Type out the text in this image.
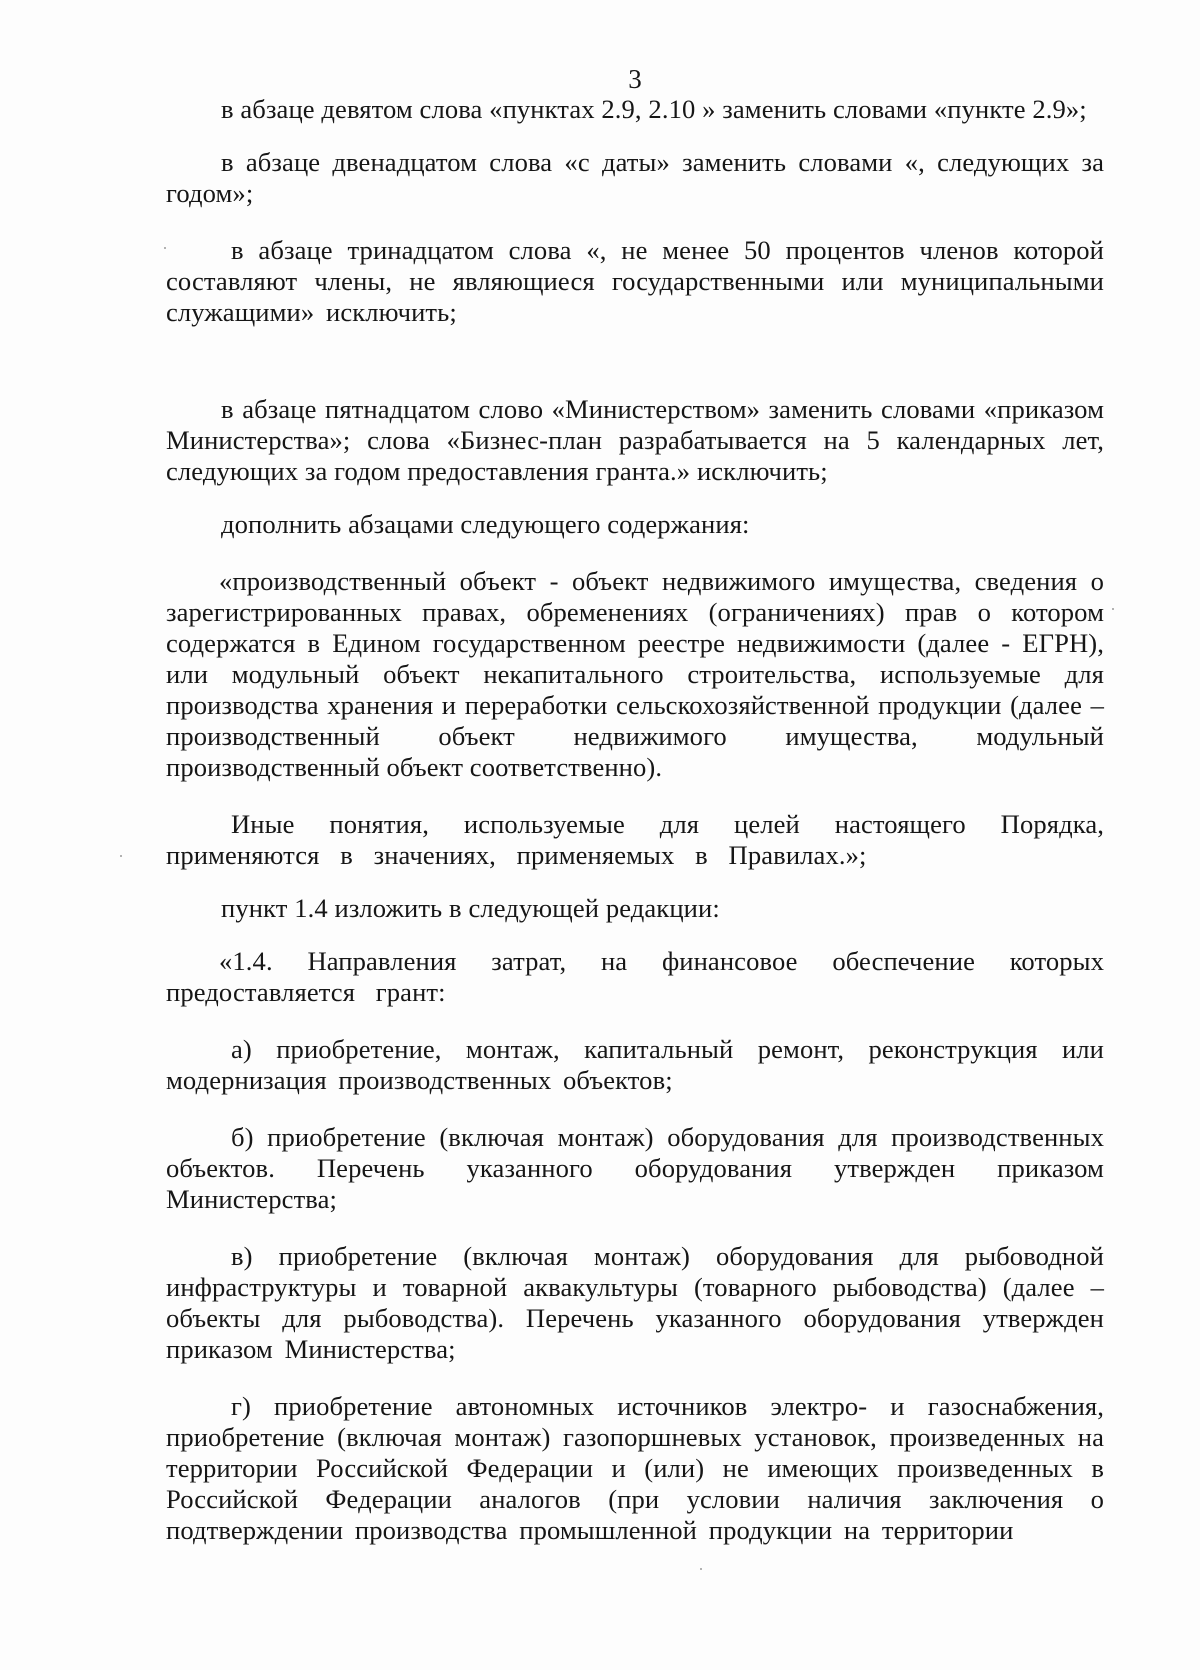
3

в абзаце девятом слова «пунктах 2.9, 2.10 » заменить словами «пункте 2.9»;

в абзаце двенадцатом слова «с даты» заменить словами «, следующих за годом»;

в абзаце тринадцатом слова «, не менее 50 процентов членов которой составляют члены, не являющиеся государственными или муниципальными служащими» исключить;

в абзаце пятнадцатом слово «Министерством» заменить словами «приказом Министерства»; слова «Бизнес-план разрабатывается на 5 календарных лет, следующих за годом предоставления гранта.» исключить;

дополнить абзацами следующего содержания:

«производственный объект - объект недвижимого имущества, сведения о зарегистрированных правах, обременениях (ограничениях) прав о котором содержатся в Едином государственном реестре недвижимости (далее - ЕГРН), или модульный объект некапитального строительства, используемые для производства хранения и переработки сельскохозяйственной продукции (далее – производственный объект недвижимого имущества, модульный производственный объект соответственно).

Иные понятия, используемые для целей настоящего Порядка, применяются в значениях, применяемых в Правилах.»;

пункт 1.4 изложить в следующей редакции:

«1.4. Направления затрат, на финансовое обеспечение которых предоставляется грант:

а) приобретение, монтаж, капитальный ремонт, реконструкция или модернизация производственных объектов;

б) приобретение (включая монтаж) оборудования для производственных объектов. Перечень указанного оборудования утвержден приказом Министерства;

в) приобретение (включая монтаж) оборудования для рыбоводной инфраструктуры и товарной аквакультуры (товарного рыбоводства) (далее – объекты для рыбоводства). Перечень указанного оборудования утвержден приказом Министерства;

г) приобретение автономных источников электро- и газоснабжения, приобретение (включая монтаж) газопоршневых установок, произведенных на территории Российской Федерации и (или) не имеющих произведенных в Российской Федерации аналогов (при условии наличия заключения о подтверждении производства промышленной продукции на территории
